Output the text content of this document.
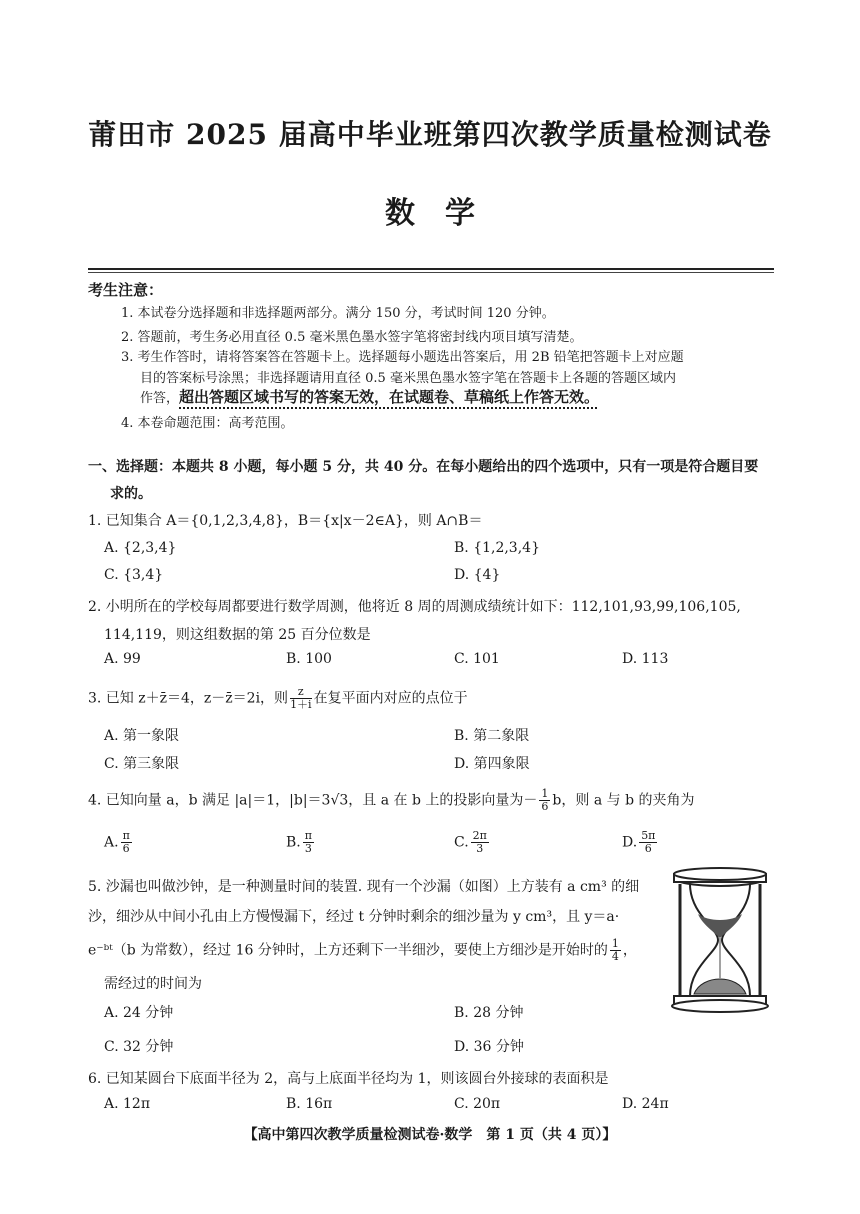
莆田市 2025 届高中毕业班第四次教学质量检测试卷
数学
考生注意：
1. 本试卷分选择题和非选择题两部分。满分 150 分，考试时间 120 分钟。
2. 答题前，考生务必用直径 0.5 毫米黑色墨水签字笔将密封线内项目填写清楚。
3. 考生作答时，请将答案答在答题卡上。选择题每小题选出答案后，用 2B 铅笔把答题卡上对应题
目的答案标号涂黑；非选择题请用直径 0.5 毫米黑色墨水签字笔在答题卡上各题的答题区域内
作答，超出答题区域书写的答案无效，在试题卷、草稿纸上作答无效。
4. 本卷命题范围：高考范围。
一、选择题：本题共 8 小题，每小题 5 分，共 40 分。在每小题给出的四个选项中，只有一项是符合题目要
求的。
1. 已知集合 A＝{0,1,2,3,4,8}，B＝{x|x－2∈A}，则 A∩B＝
A. {2,3,4}	B. {1,2,3,4}
C. {3,4}	D. {4}
2. 小明所在的学校每周都要进行数学周测，他将近 8 周的周测成绩统计如下：112,101,93,99,106,105,
114,119，则这组数据的第 25 百分位数是
A. 99	B. 100	C. 101	D. 113
3. 已知 z＋z̄＝4，z－z̄＝2i，则 $\frac{z}{1+i}$ 在复平面内对应的点位于
A. 第一象限	B. 第二象限
C. 第三象限	D. 第四象限
4. 已知向量 a，b 满足 |a|＝1，|b|＝3√3，且 a 在 b 上的投影向量为－ $\frac{1}{6}$ b，则 a 与 b 的夹角为
A. $\frac{\pi}{6}$	B. $\frac{\pi}{3}$	C. $\frac{2\pi}{3}$	D. $\frac{5\pi}{6}$
5. 沙漏也叫做沙钟，是一种测量时间的装置. 现有一个沙漏（如图）上方装有 a cm³ 的细
沙，细沙从中间小孔由上方慢慢漏下，经过 t 分钟时剩余的细沙量为 y cm³，且 y＝a·
e⁻ᵇᵗ（b 为常数），经过 16 分钟时，上方还剩下一半细沙，要使上方细沙是开始时的 $\frac{1}{4}$ ，
需经过的时间为
A. 24 分钟	B. 28 分钟
C. 32 分钟	D. 36 分钟
6. 已知某圆台下底面半径为 2，高与上底面半径均为 1，则该圆台外接球的表面积是
A. 12π	B. 16π	C. 20π	D. 24π
【高中第四次教学质量检测试卷·数学　第 1 页（共 4 页）】
